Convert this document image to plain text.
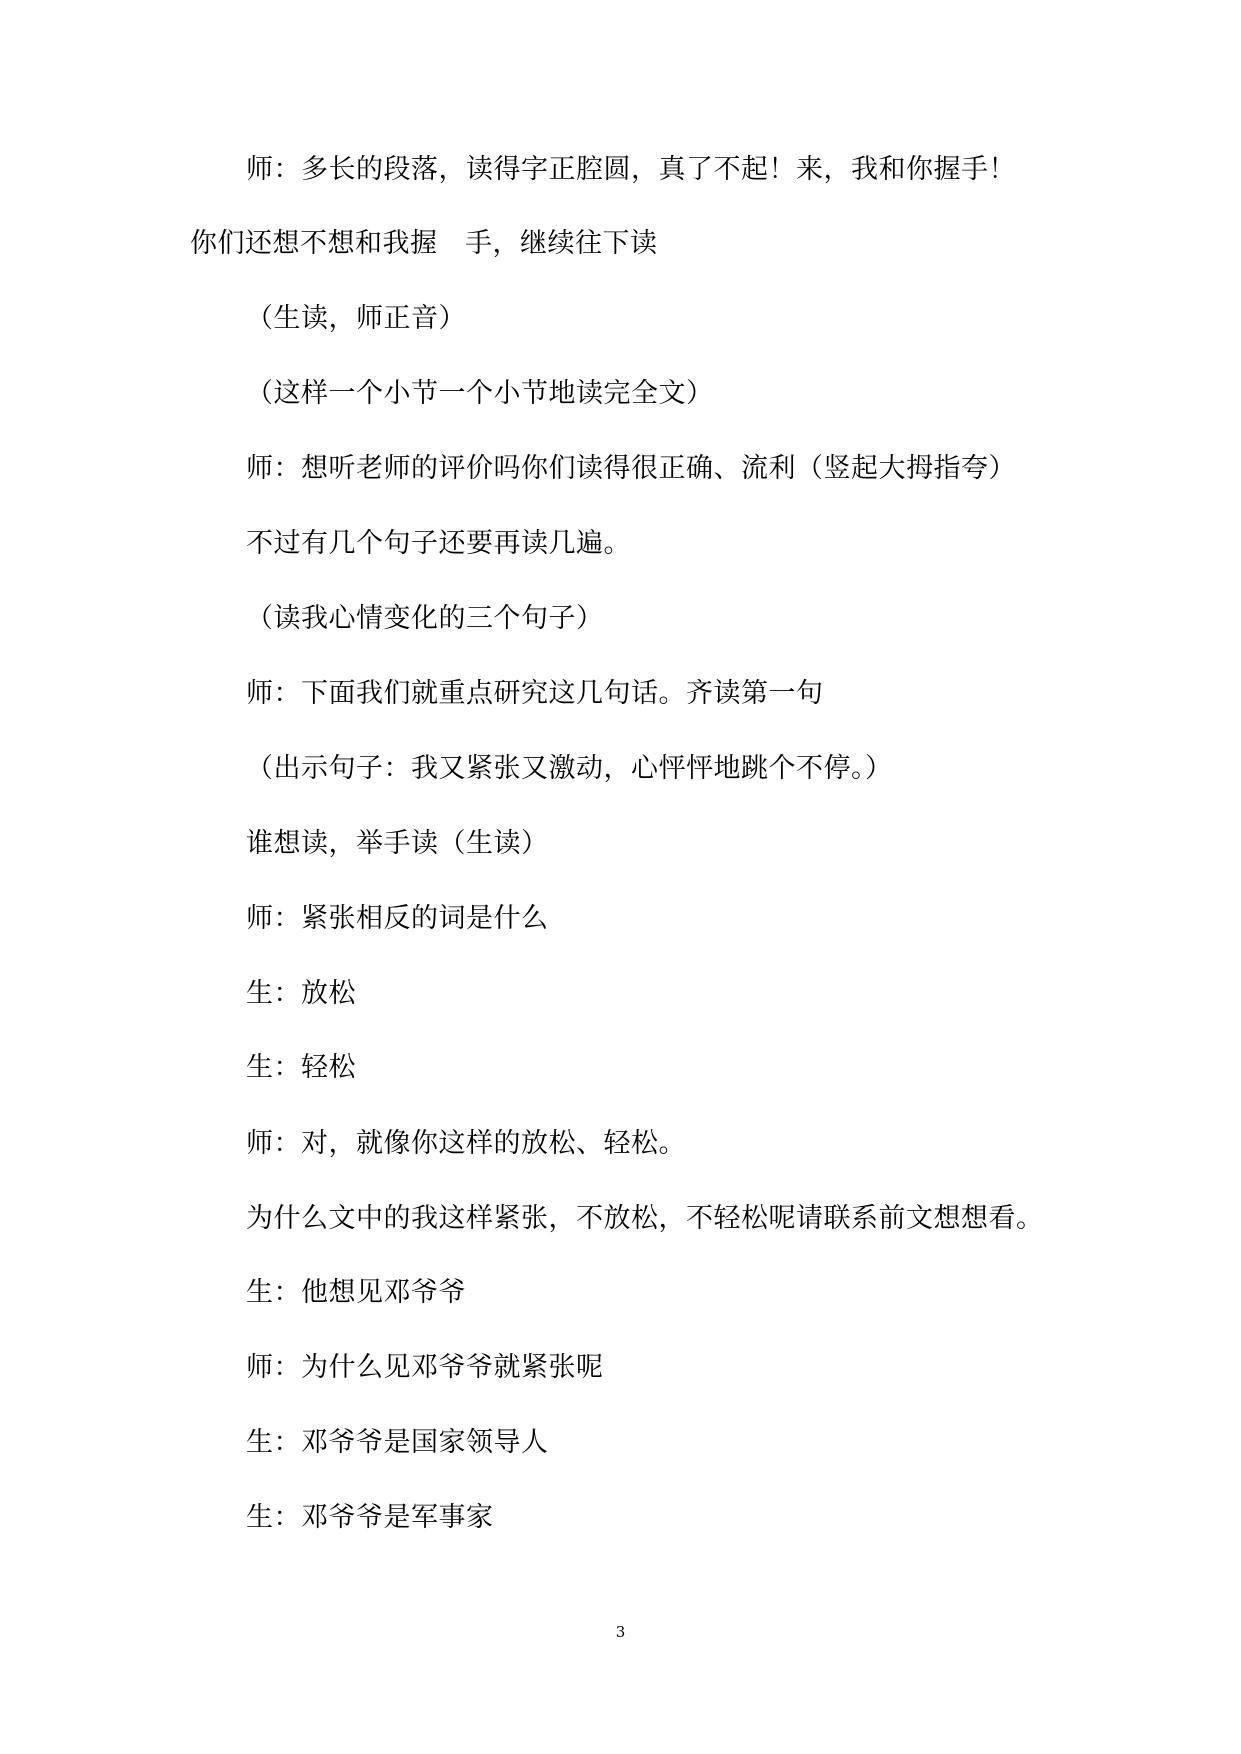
师：多长的段落，读得字正腔圆，真了不起！来，我和你握手！
你们还想不想和我握　手，继续往下读
（生读，师正音）
（这样一个小节一个小节地读完全文）
师：想听老师的评价吗你们读得很正确、流利（竖起大拇指夸）
不过有几个句子还要再读几遍。
（读我心情变化的三个句子）
师：下面我们就重点研究这几句话。齐读第一句
（出示句子：我又紧张又激动，心怦怦地跳个不停。）
谁想读，举手读（生读）
师：紧张相反的词是什么
生：放松
生：轻松
师：对，就像你这样的放松、轻松。
为什么文中的我这样紧张，不放松，不轻松呢请联系前文想想看。
生：他想见邓爷爷
师：为什么见邓爷爷就紧张呢
生：邓爷爷是国家领导人
生：邓爷爷是军事家
3
